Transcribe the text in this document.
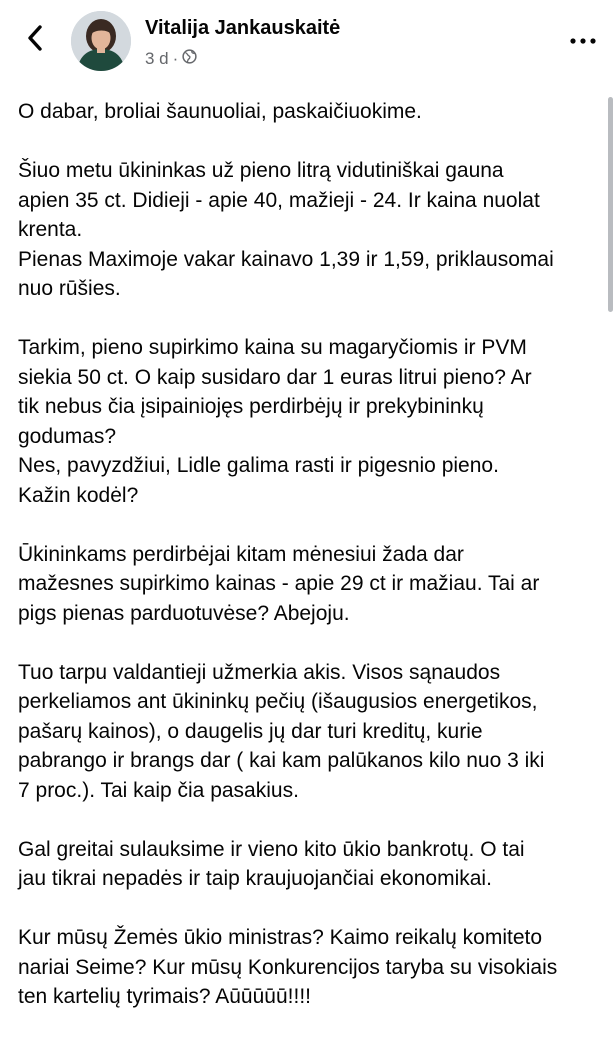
Vitalija Jankauskaitė
3 d ·

O dabar, broliai šaunuoliai, paskaičiuokime.

Šiuo metu ūkininkas už pieno litrą vidutiniškai gauna
apien 35 ct. Didieji - apie 40, mažieji - 24. Ir kaina nuolat
krenta.
Pienas Maximoje vakar kainavo 1,39 ir 1,59, priklausomai
nuo rūšies.

Tarkim, pieno supirkimo kaina su magaryčiomis ir PVM
siekia 50 ct. O kaip susidaro dar 1 euras litrui pieno? Ar
tik nebus čia įsipainiojęs perdirbėjų ir prekybininkų
godumas?
Nes, pavyzdžiui, Lidle galima rasti ir pigesnio pieno.
Kažin kodėl?

Ūkininkams perdirbėjai kitam mėnesiui žada dar
mažesnes supirkimo kainas - apie 29 ct ir mažiau. Tai ar
pigs pienas parduotuvėse? Abejoju.

Tuo tarpu valdantieji užmerkia akis. Visos sąnaudos
perkeliamos ant ūkininkų pečių (išaugusios energetikos,
pašarų kainos), o daugelis jų dar turi kreditų, kurie
pabrango ir brangs dar ( kai kam palūkanos kilo nuo 3 iki
7 proc.). Tai kaip čia pasakius.

Gal greitai sulauksime ir vieno kito ūkio bankrotų. O tai
jau tikrai nepadės ir taip kraujuojančiai ekonomikai.

Kur mūsų Žemės ūkio ministras? Kaimo reikalų komiteto
nariai Seime? Kur mūsų Konkurencijos taryba su visokiais
ten kartelių tyrimais? Aūūūūū!!!!
